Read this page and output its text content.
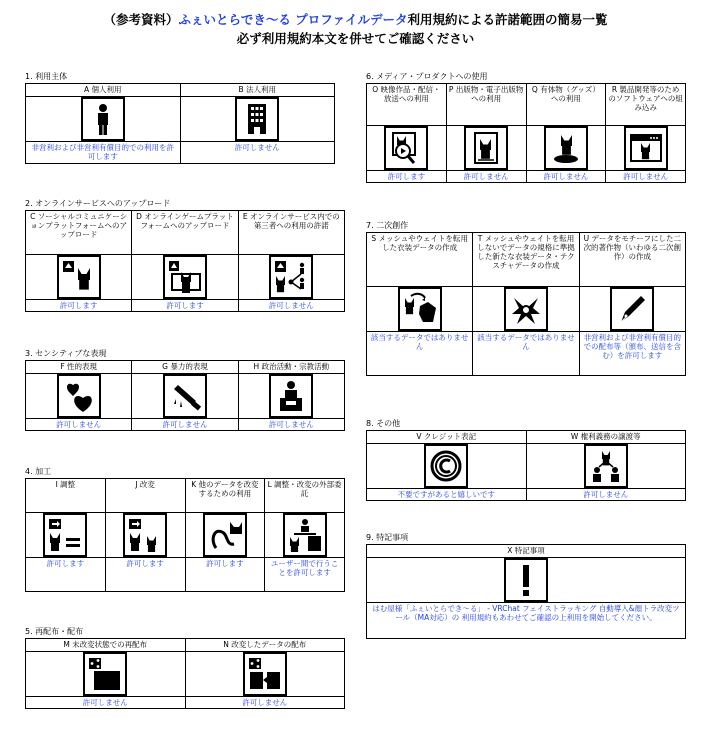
（参考資料）ふぇいとらでき～る プロファイルデータ利用規約による許諾範囲の簡易一覧
必ず利用規約本文を併せてご確認ください
1. 利用主体
A 個人利用
非営利および非営利有償目的での利用を許可します
B 法人利用
許可しません
2. オンラインサービスへのアップロード
C ソーシャルコミュニケーションプラットフォームへのアップロード
許可します
D オンラインゲームプラットフォームへのアップロード
許可します
E オンラインサービス内での第三者への利用の許諾
許可しません
3. センシティブな表現
F 性的表現
許可しません
G 暴力的表現
許可しません
H 政治活動・宗教活動
許可しません
4. 加工
I 調整
許可します
J 改変
許可します
K 他のデータを改変するための利用
許可します
L 調整・改変の外部委託
ユーザー間で行うことを許可します
5. 再配布・配布
M 未改変状態での再配布
許可しません
N 改変したデータの配布
許可しません
6. メディア・プロダクトへの使用
O 映像作品・配信・放送への利用
許可します
P 出版物・電子出版物への利用
許可しません
Q 有体物（グッズ）への利用
許可しません
R 製品開発等のためのソフトウェアへの組み込み
許可しません
7. 二次創作
S メッシュやウェイトを転用した衣装データの作成
該当するデータではありません
T メッシュやウェイトを転用しないでデータの規格に準拠した新たな衣装データ・テクスチャデータの作成
該当するデータではありません
U データをモチーフにした二次的著作物（いわゆる二次創作）の作成
非営利および非営利有償目的での配布等（頒布、送信を含む）を許可します
8. その他
V クレジット表記
不要ですがあると嬉しいです
W 権利義務の譲渡等
許可しません
9. 特記事項
X 特記事項
はむ屋様「ふぇいとらでき～る」 - VRChat フェイストラッキング 自動導入&顔トラ改変ツール（MA対応）の 利用規約もあわせてご確認の上利用を開始してください。
